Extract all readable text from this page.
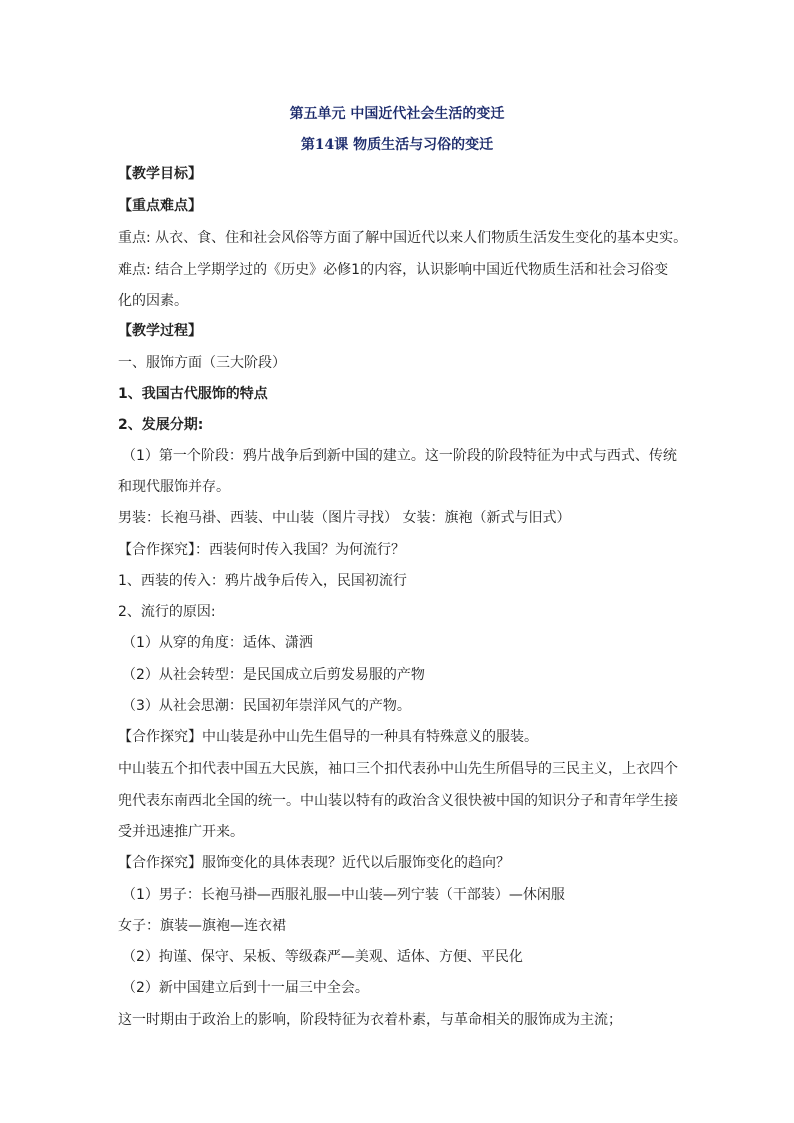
第五单元 中国近代社会生活的变迁
第14课 物质生活与习俗的变迁
【教学目标】
【重点难点】
重点: 从衣、食、住和社会风俗等方面了解中国近代以来人们物质生活发生变化的基本史实。
难点: 结合上学期学过的《历史》必修1的内容，认识影响中国近代物质生活和社会习俗变
化的因素。
【教学过程】
一、服饰方面（三大阶段）
1、我国古代服饰的特点
2、发展分期:
（1）第一个阶段：鸦片战争后到新中国的建立。这一阶段的阶段特征为中式与西式、传统
和现代服饰并存。
男装：长袍马褂、西装、中山装（图片寻找） 女装：旗袍（新式与旧式）
【合作探究】：西装何时传入我国？为何流行？
1、西装的传入：鸦片战争后传入，民国初流行
2、流行的原因:
（1）从穿的角度：适体、潇洒
（2）从社会转型：是民国成立后剪发易服的产物
（3）从社会思潮：民国初年崇洋风气的产物。
【合作探究】中山装是孙中山先生倡导的一种具有特殊意义的服装。
中山装五个扣代表中国五大民族，袖口三个扣代表孙中山先生所倡导的三民主义，上衣四个
兜代表东南西北全国的统一。中山装以特有的政治含义很快被中国的知识分子和青年学生接
受并迅速推广开来。
【合作探究】服饰变化的具体表现？近代以后服饰变化的趋向？
（1）男子：长袍马褂—西服礼服—中山装—列宁装（干部装）—休闲服
女子：旗装—旗袍—连衣裙
（2）拘谨、保守、呆板、等级森严—美观、适体、方便、平民化
（2）新中国建立后到十一届三中全会。
这一时期由于政治上的影响，阶段特征为衣着朴素，与革命相关的服饰成为主流；
